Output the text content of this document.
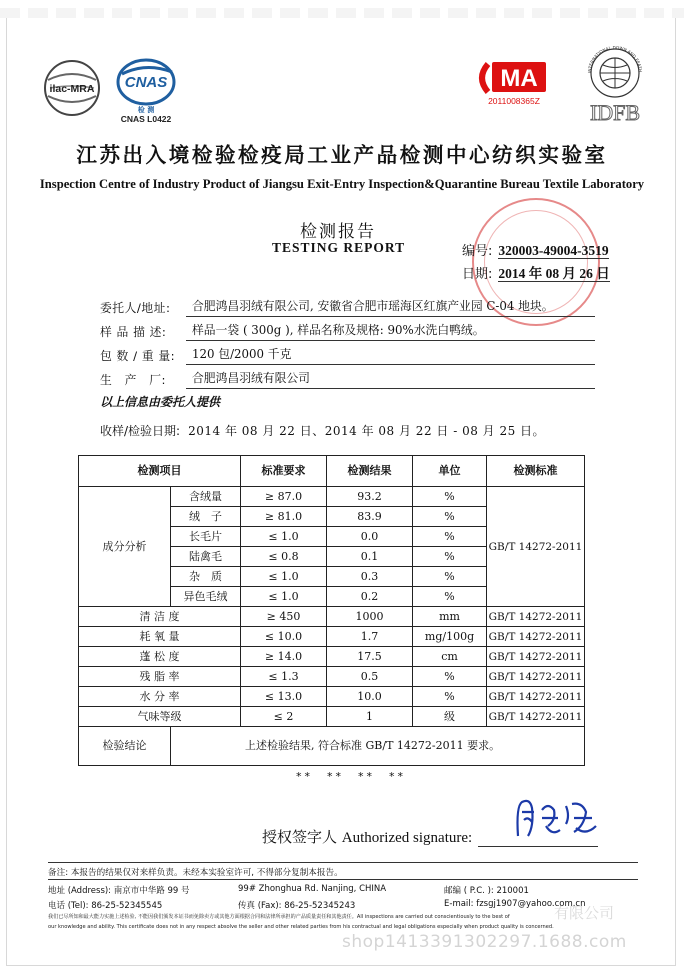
ilac-MRA CNAS
检 测
CNAS L0422
MA
2011008365Z
INTERNATIONAL DOWN AND FEATH
IDFB
江苏出入境检验检疫局工业产品检测中心纺织实验室
Inspection Centre of Industry Product of Jiangsu Exit-Entry Inspection&Quarantine Bureau Textile Laboratory
检测报告
TESTING REPORT	编号: 320003-49004-3519
日期: 2014 年 08 月 26 日
委托人/地址:	合肥鸿昌羽绒有限公司, 安徽省合肥市瑶海区红旗产业园 C-04 地块。
样 品 描 述:	样品一袋 ( 300g ), 样品名称及规格: 90%水洗白鸭绒。
包 数 / 重 量:	120 包/2000 千克
生　产　厂:	合肥鸿昌羽绒有限公司
以上信息由委托人提供
收样/检验日期: 2014 年 08 月 22 日、2014 年 08 月 22 日 - 08 月 25 日。
检测项目		标准要求	检测结果	单位	检测标准
成分分析	含绒量	≥ 87.0	93.2	%	GB/T 14272-2011
	绒　子	≥ 81.0	83.9	%	
	长毛片	≤ 1.0	0.0	%	
	陆禽毛	≤ 0.8	0.1	%	
	杂　质	≤ 1.0	0.3	%	
	异色毛绒	≤ 1.0	0.2	%	
清 洁 度		≥ 450	1000	mm	GB/T 14272-2011
耗 氧 量		≤ 10.0	1.7	mg/100g	GB/T 14272-2011
蓬 松 度		≥ 14.0	17.5	cm	GB/T 14272-2011
残 脂 率		≤ 1.3	0.5	%	GB/T 14272-2011
水 分 率		≤ 13.0	10.0	%	GB/T 14272-2011
气味等级		≤ 2	1	级	GB/T 14272-2011
检验结论	上述检验结果, 符合标准 GB/T 14272-2011 要求。				
**　**　**　**
授权签字人 Authorized signature:
备注: 本报告的结果仅对来样负责。未经本实验室许可, 不得部分复制本报告。
地址 (Address): 南京市中华路 99 号	99# Zhonghua Rd. Nanjing, CHINA	邮编 ( P.C. ): 210001
电话 (Tel): 86-25-52345545	传真 (Fax): 86-25-52345243	E-mail: fzsgj1907@yahoo.com.cn
我们已尽所知和最大能力实施上述检验, 不能因我们颁发本证书而免除卖方或其他方面根据合同和法律所承担的产品质量责任和其他责任。All inspections are carried out conscientiously to the best of
our knowledge and ability. This certificate does not in any respect absolve the seller and other related parties from his contractual and legal obligations especially when product quality is concerned.
有限公司
shop1413391302297.1688.com
